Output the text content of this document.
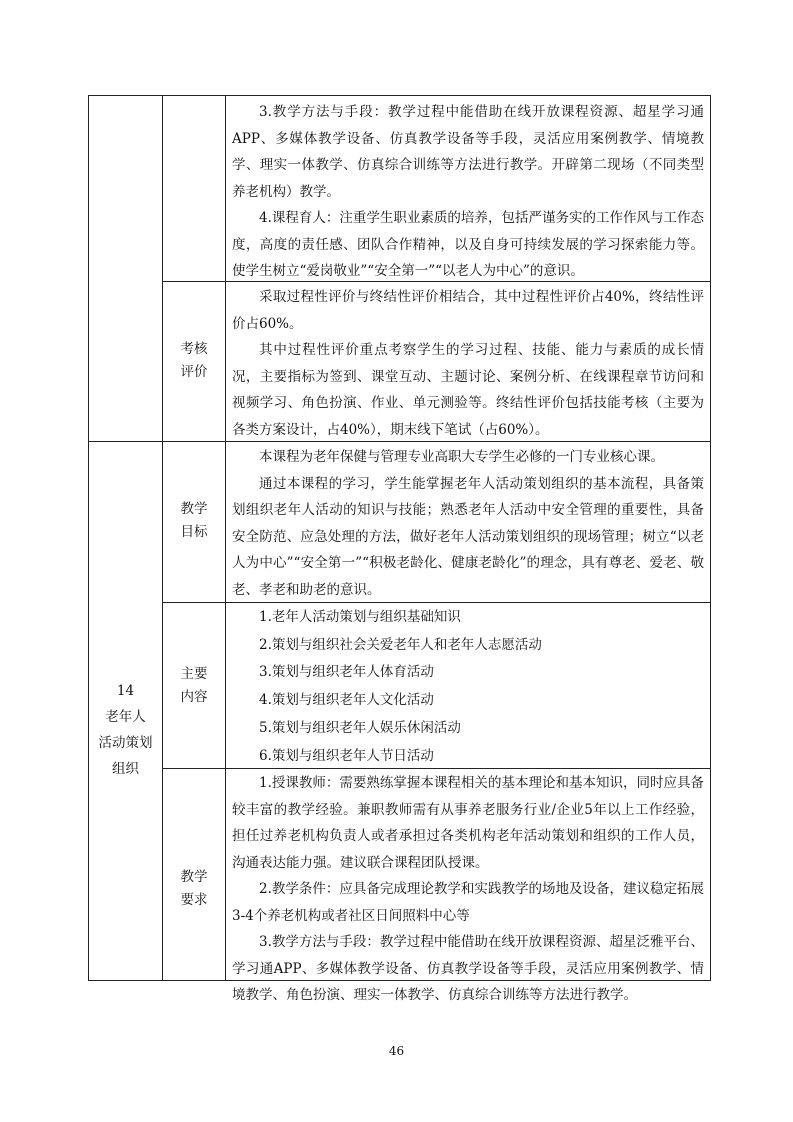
3.教学方法与手段：教学过程中能借助在线开放课程资源、超星学习通APP、多媒体教学设备、仿真教学设备等手段，灵活应用案例教学、情境教学、理实一体教学、仿真综合训练等方法进行教学。开辟第二现场（不同类型养老机构）教学。

4.课程育人：注重学生职业素质的培养，包括严谨务实的工作作风与工作态度，高度的责任感、团队合作精神，以及自身可持续发展的学习探索能力等。使学生树立“爱岗敬业”“安全第一”“以老人为中心”的意识。

考核
评价

采取过程性评价与终结性评价相结合，其中过程性评价占40%，终结性评价占60%。

其中过程性评价重点考察学生的学习过程、技能、能力与素质的成长情况，主要指标为签到、课堂互动、主题讨论、案例分析、在线课程章节访问和视频学习、角色扮演、作业、单元测验等。终结性评价包括技能考核（主要为各类方案设计，占40%），期末线下笔试（占60%）。

14
老年人
活动策划
组织
教学
目标

本课程为老年保健与管理专业高职大专学生必修的一门专业核心课。

通过本课程的学习，学生能掌握老年人活动策划组织的基本流程，具备策划组织老年人活动的知识与技能；熟悉老年人活动中安全管理的重要性，具备安全防范、应急处理的方法，做好老年人活动策划组织的现场管理；树立“以老人为中心”“安全第一”“积极老龄化、健康老龄化”的理念，具有尊老、爱老、敬老、孝老和助老的意识。

主要
内容

1.老年人活动策划与组织基础知识

2.策划与组织社会关爱老年人和老年人志愿活动

3.策划与组织老年人体育活动

4.策划与组织老年人文化活动

5.策划与组织老年人娱乐休闲活动

6.策划与组织老年人节日活动

教学
要求

1.授课教师：需要熟练掌握本课程相关的基本理论和基本知识，同时应具备较丰富的教学经验。兼职教师需有从事养老服务行业/企业5年以上工作经验，担任过养老机构负责人或者承担过各类机构老年活动策划和组织的工作人员，沟通表达能力强。建议联合课程团队授课。

2.教学条件：应具备完成理论教学和实践教学的场地及设备，建议稳定拓展3-4个养老机构或者社区日间照料中心等

3.教学方法与手段：教学过程中能借助在线开放课程资源、超星泛雅平台、学习通APP、多媒体教学设备、仿真教学设备等手段，灵活应用案例教学、情境教学、角色扮演、理实一体教学、仿真综合训练等方法进行教学。

46
